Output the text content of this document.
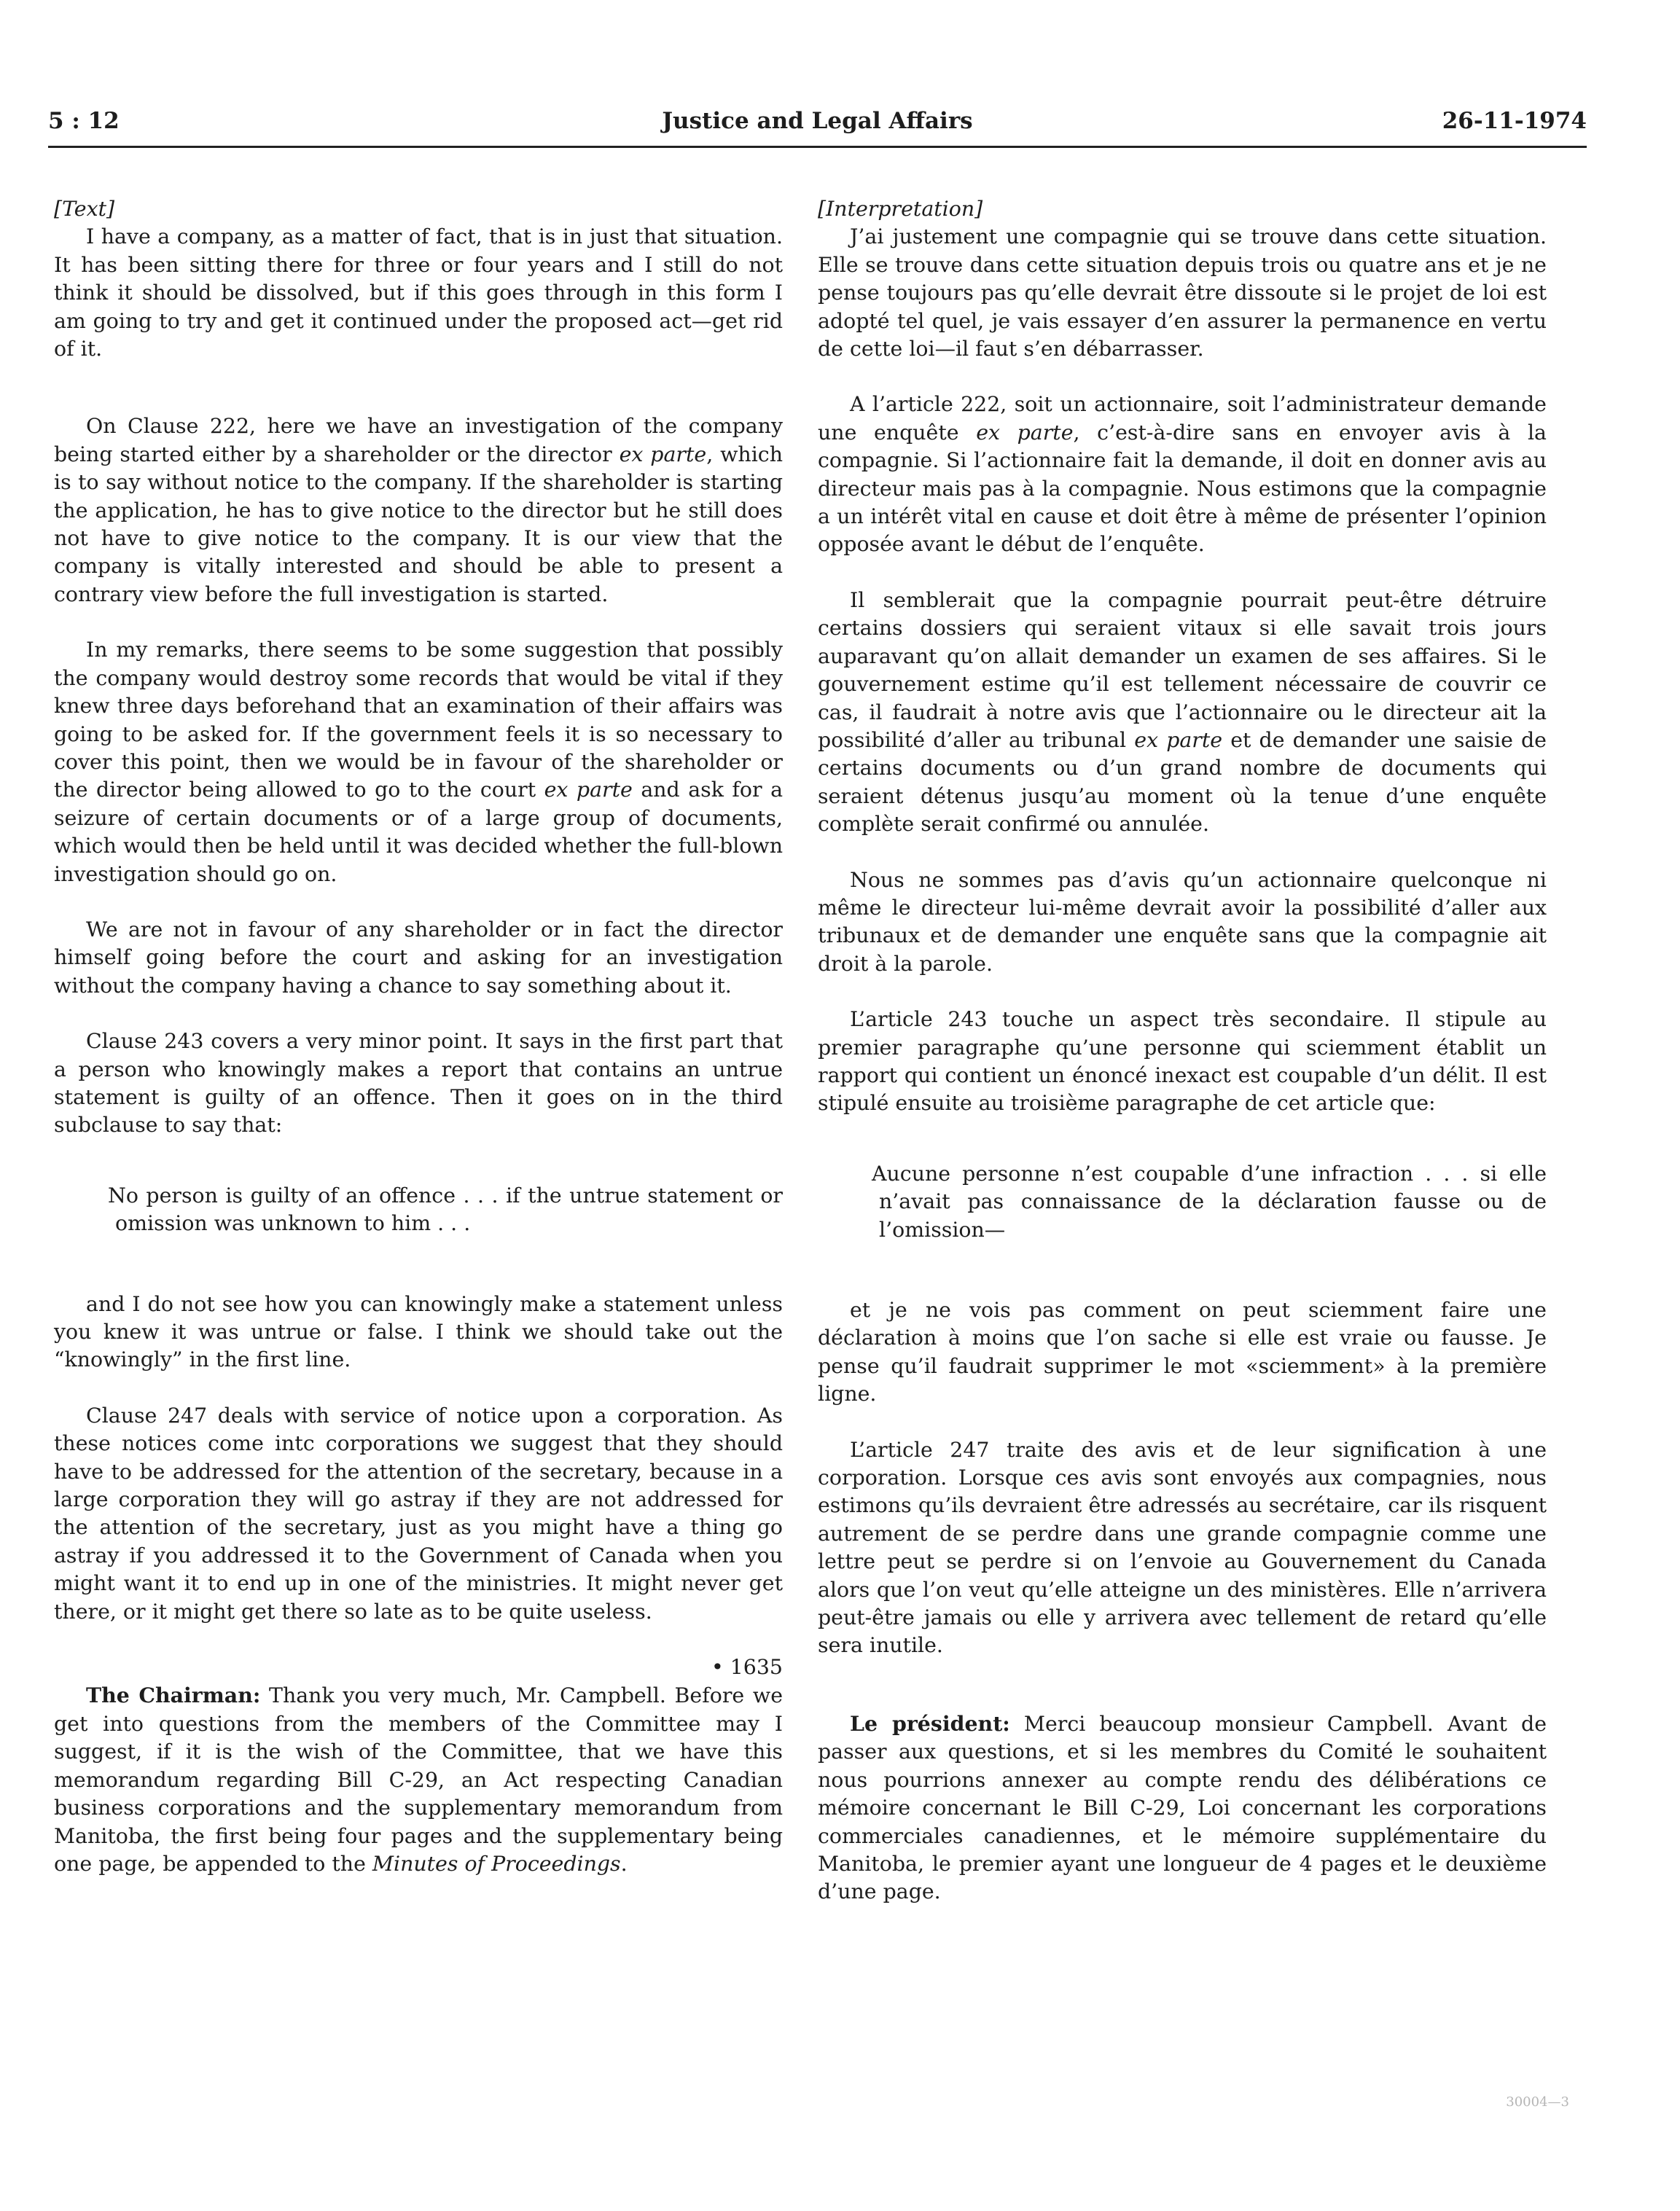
5 : 12	Justice and Legal Affairs	26-11-1974

[Text]

I have a company, as a matter of fact, that is in just that situation. It has been sitting there for three or four years and I still do not think it should be dissolved, but if this goes through in this form I am going to try and get it continued under the proposed act—get rid of it.

On Clause 222, here we have an investigation of the company being started either by a shareholder or the director ex parte, which is to say without notice to the company. If the shareholder is starting the application, he has to give notice to the director but he still does not have to give notice to the company. It is our view that the company is vitally interested and should be able to present a contrary view before the full investigation is started.

In my remarks, there seems to be some suggestion that possibly the company would destroy some records that would be vital if they knew three days beforehand that an examination of their affairs was going to be asked for. If the government feels it is so necessary to cover this point, then we would be in favour of the shareholder or the director being allowed to go to the court ex parte and ask for a seizure of certain documents or of a large group of documents, which would then be held until it was decided whether the full-blown investigation should go on.

We are not in favour of any shareholder or in fact the director himself going before the court and asking for an investigation without the company having a chance to say something about it.

Clause 243 covers a very minor point. It says in the first part that a person who knowingly makes a report that contains an untrue statement is guilty of an offence. Then it goes on in the third subclause to say that:

No person is guilty of an offence . . . if the untrue statement or omission was unknown to him . . .

and I do not see how you can knowingly make a statement unless you knew it was untrue or false. I think we should take out the “knowingly” in the first line.

Clause 247 deals with service of notice upon a corporation. As these notices come intc corporations we suggest that they should have to be addressed for the attention of the secretary, because in a large corporation they will go astray if they are not addressed for the attention of the secretary, just as you might have a thing go astray if you addressed it to the Government of Canada when you might want it to end up in one of the ministries. It might never get there, or it might get there so late as to be quite useless.

• 1635

The Chairman: Thank you very much, Mr. Campbell. Before we get into questions from the members of the Committee may I suggest, if it is the wish of the Committee, that we have this memorandum regarding Bill C-29, an Act respecting Canadian business corporations and the supplementary memorandum from Manitoba, the first being four pages and the supplementary being one page, be appended to the Minutes of Proceedings.

[Interpretation]

J’ai justement une compagnie qui se trouve dans cette situation. Elle se trouve dans cette situation depuis trois ou quatre ans et je ne pense toujours pas qu’elle devrait être dissoute si le projet de loi est adopté tel quel, je vais essayer d’en assurer la permanence en vertu de cette loi—il faut s’en débarrasser.

A l’article 222, soit un actionnaire, soit l’administrateur demande une enquête ex parte, c’est-à-dire sans en envoyer avis à la compagnie. Si l’actionnaire fait la demande, il doit en donner avis au directeur mais pas à la compagnie. Nous estimons que la compagnie a un intérêt vital en cause et doit être à même de présenter l’opinion opposée avant le début de l’enquête.

Il semblerait que la compagnie pourrait peut-être détruire certains dossiers qui seraient vitaux si elle savait trois jours auparavant qu’on allait demander un examen de ses affaires. Si le gouvernement estime qu’il est tellement nécessaire de couvrir ce cas, il faudrait à notre avis que l’actionnaire ou le directeur ait la possibilité d’aller au tribunal ex parte et de demander une saisie de certains documents ou d’un grand nombre de documents qui seraient détenus jusqu’au moment où la tenue d’une enquête complète serait confirmé ou annulée.

Nous ne sommes pas d’avis qu’un actionnaire quelconque ni même le directeur lui-même devrait avoir la possibilité d’aller aux tribunaux et de demander une enquête sans que la compagnie ait droit à la parole.

L’article 243 touche un aspect très secondaire. Il stipule au premier paragraphe qu’une personne qui sciemment établit un rapport qui contient un énoncé inexact est coupable d’un délit. Il est stipulé ensuite au troisième paragraphe de cet article que:

Aucune personne n’est coupable d’une infraction . . . si elle n’avait pas connaissance de la déclaration fausse ou de l’omission—

et je ne vois pas comment on peut sciemment faire une déclaration à moins que l’on sache si elle est vraie ou fausse. Je pense qu’il faudrait supprimer le mot «sciemment» à la première ligne.

L’article 247 traite des avis et de leur signification à une corporation. Lorsque ces avis sont envoyés aux compagnies, nous estimons qu’ils devraient être adressés au secrétaire, car ils risquent autrement de se perdre dans une grande compagnie comme une lettre peut se perdre si on l’envoie au Gouvernement du Canada alors que l’on veut qu’elle atteigne un des ministères. Elle n’arrivera peut-être jamais ou elle y arrivera avec tellement de retard qu’elle sera inutile.

Le président: Merci beaucoup monsieur Campbell. Avant de passer aux questions, et si les membres du Comité le souhaitent nous pourrions annexer au compte rendu des délibérations ce mémoire concernant le Bill C-29, Loi concernant les corporations commerciales canadiennes, et le mémoire supplémentaire du Manitoba, le premier ayant une longueur de 4 pages et le deuxième d’une page.

30004—3
